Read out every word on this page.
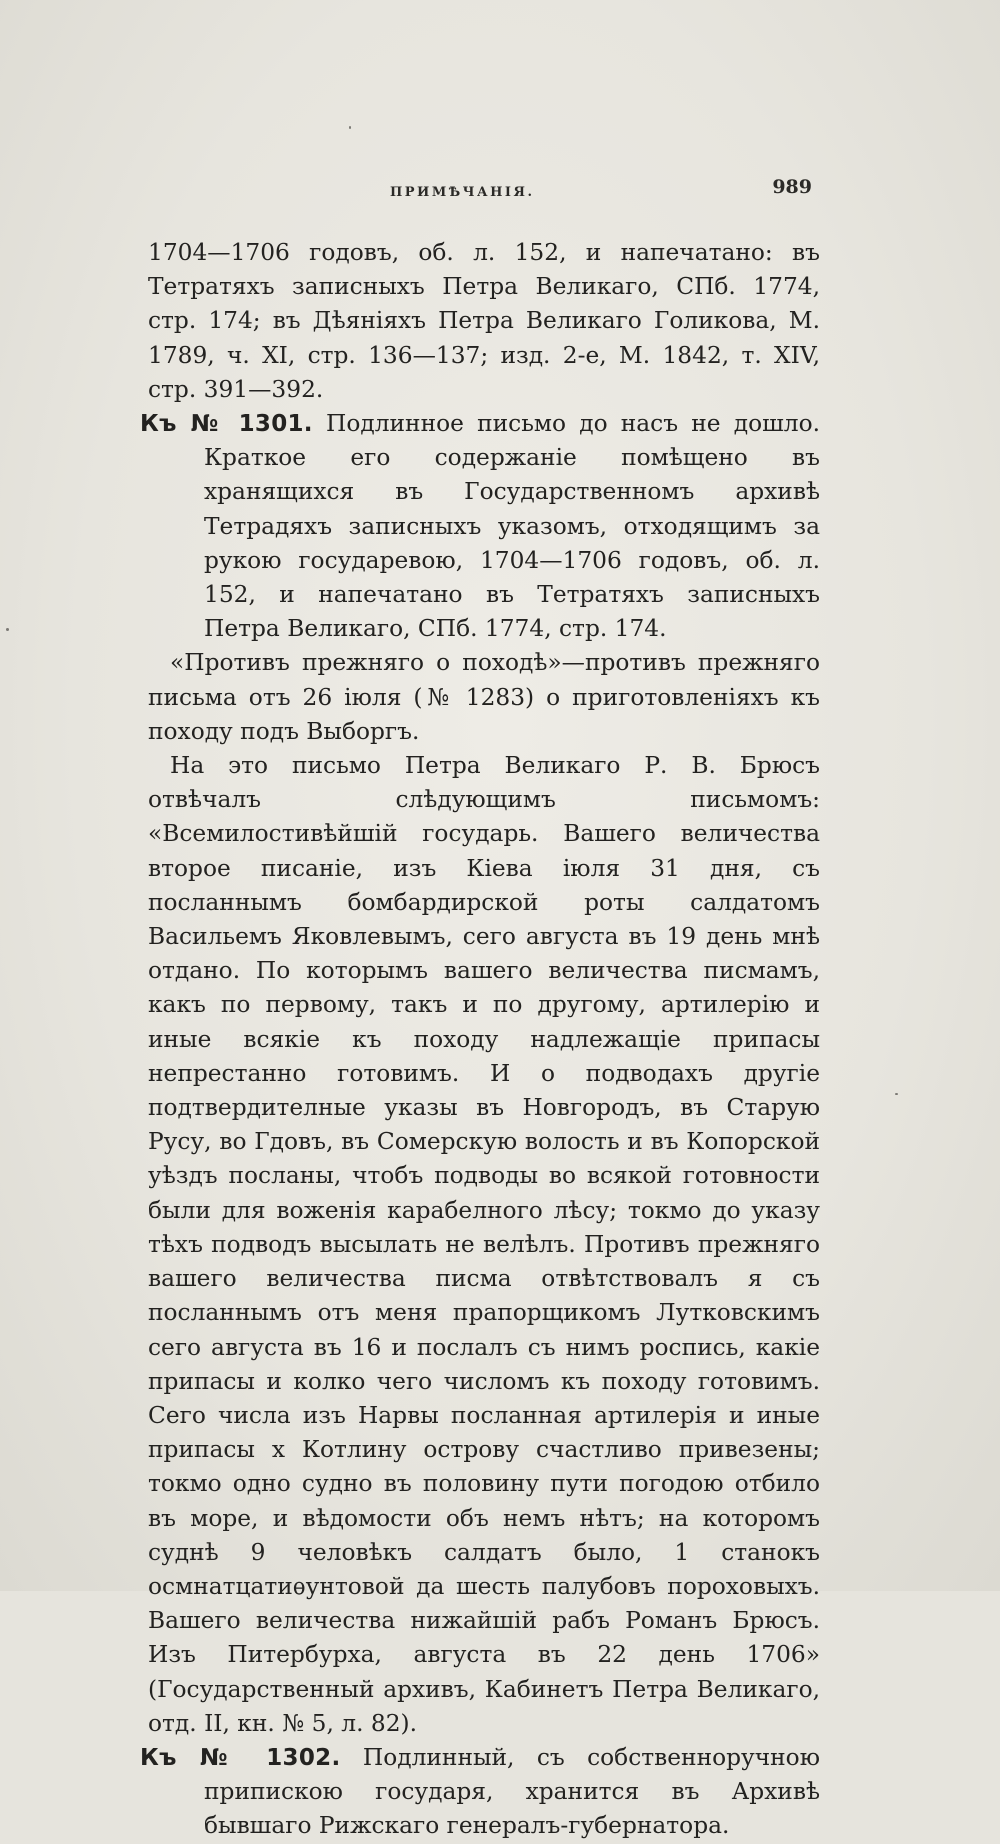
ПРИМѢЧАНІЯ.	989

1704—1706 годовъ, об. л. 152, и напечатано: въ Тетратяхъ записныхъ Петра Великаго, СПб. 1774, стр. 174; въ Дѣяніяхъ Петра Великаго Голикова, М. 1789, ч. XI, стр. 136—137; изд. 2-е, М. 1842, т. XIV, стр. 391—392.

Къ № 1301. Подлинное письмо до насъ не дошло. Краткое его содержаніе помѣщено въ хранящихся въ Государственномъ архивѣ Тетрадяхъ записныхъ указомъ, отходящимъ за рукою государевою, 1704—1706 годовъ, об. л. 152, и напечатано въ Тетратяхъ записныхъ Петра Великаго, СПб. 1774, стр. 174.

«Противъ прежняго о походѣ»—противъ прежняго письма отъ 26 іюля (№ 1283) о приготовленіяхъ къ походу подъ Выборгъ.

На это письмо Петра Великаго Р. В. Брюсъ отвѣчалъ слѣдующимъ письмомъ: «Всемилостивѣйшій государь. Вашего величества второе писаніе, изъ Кіева іюля 31 дня, съ посланнымъ бомбардирской роты салдатомъ Васильемъ Яковлевымъ, сего августа въ 19 день мнѣ отдано. По которымъ вашего величества писмамъ, какъ по первому, такъ и по другому, артилерію и иные всякіе къ походу надлежащіе припасы непрестанно готовимъ. И о подводахъ другіе подтвердителные указы въ Новгородъ, въ Старую Русу, во Гдовъ, въ Сомерскую волость и въ Копорской уѣздъ посланы, чтобъ подводы во всякой готовности были для воженія карабелного лѣсу; токмо до указу тѣхъ подводъ высылать не велѣлъ. Противъ прежняго вашего величества писма отвѣтствовалъ я съ посланнымъ отъ меня прапорщикомъ Лутковскимъ сего августа въ 16 и послалъ съ нимъ роспись, какіе припасы и колко чего числомъ къ походу готовимъ. Сего числа изъ Нарвы посланная артилерія и иные припасы х Котлину острову счастливо привезены; токмо одно судно въ половину пути погодою отбило въ море, и вѣдомости объ немъ нѣтъ; на которомъ суднѣ 9 человѣкъ салдатъ было, 1 станокъ осмнатцатиѳунтовой да шесть палубовъ пороховыхъ. Вашего величества нижайшій рабъ Романъ Брюсъ. Изъ Питербурха, августа въ 22 день 1706» (Государственный архивъ, Кабинетъ Петра Великаго, отд. II, кн. № 5, л. 82).

Къ № 1302. Подлинный, съ собственноручною припискою государя, хранится въ Архивѣ бывшаго Рижскаго генералъ-губернатора.
